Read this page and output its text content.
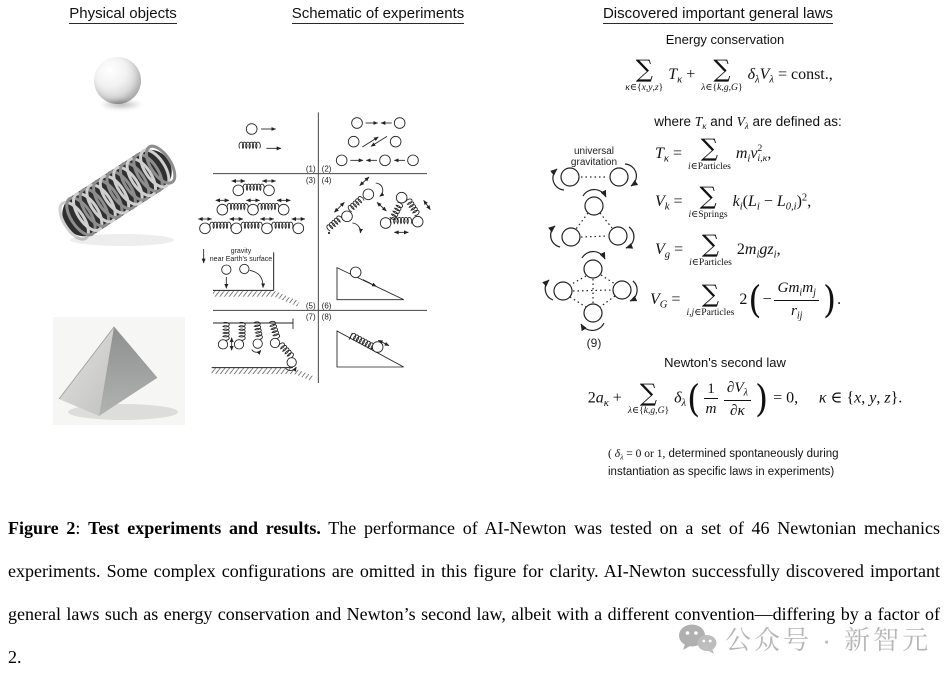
Physical objects	Schematic of experiments	Discovered important general laws
(1) (2)
(3) (4)
(5) (6)
(7) (8)
gravity
near Earth's surface
universal
gravitation
(9)
Energy conservation
∑
κ∈{x,y,z}
$T_\kappa$ + ∑
λ∈{k,g,G}
$\delta_\lambda V_\lambda$ = const.,
where $T_\kappa$ and $V_\lambda$ are defined as:
$T_\kappa$ = ∑
i∈Particles
$m_iv$ 2
i,κ ,
$V_k$ = ∑
i∈Springs
$k_i(L_i - L_{0,i})^2$,
$V_g$ = ∑
i∈Particles
$2m_igz_i$,
$V_G$ = ∑
i,j∈Particles
$2(- \frac{Gm_im_j}{r_{ij}}$ ).
Newton's second law
$2a_\kappa$ + ∑
λ∈{k,g,G}
$\delta_\lambda( \frac{1}{m} \frac{\partial V_\lambda}{\partial\kappa}$ ) = 0, κ ∈ {x, y, z}.
( $\delta_\lambda = 0$ or 1, determined spontaneously during
instantiation as specific laws in experiments)

Figure 2: Test experiments and results. The performance of AI-Newton was tested on a set of 46 Newtonian mechanics experiments. Some complex configurations are omitted in this figure for clarity. AI-Newton successfully discovered important general laws such as energy conservation and Newton’s second law, albeit with a different convention—differing by a factor of 2.

公众号 · 新智元
